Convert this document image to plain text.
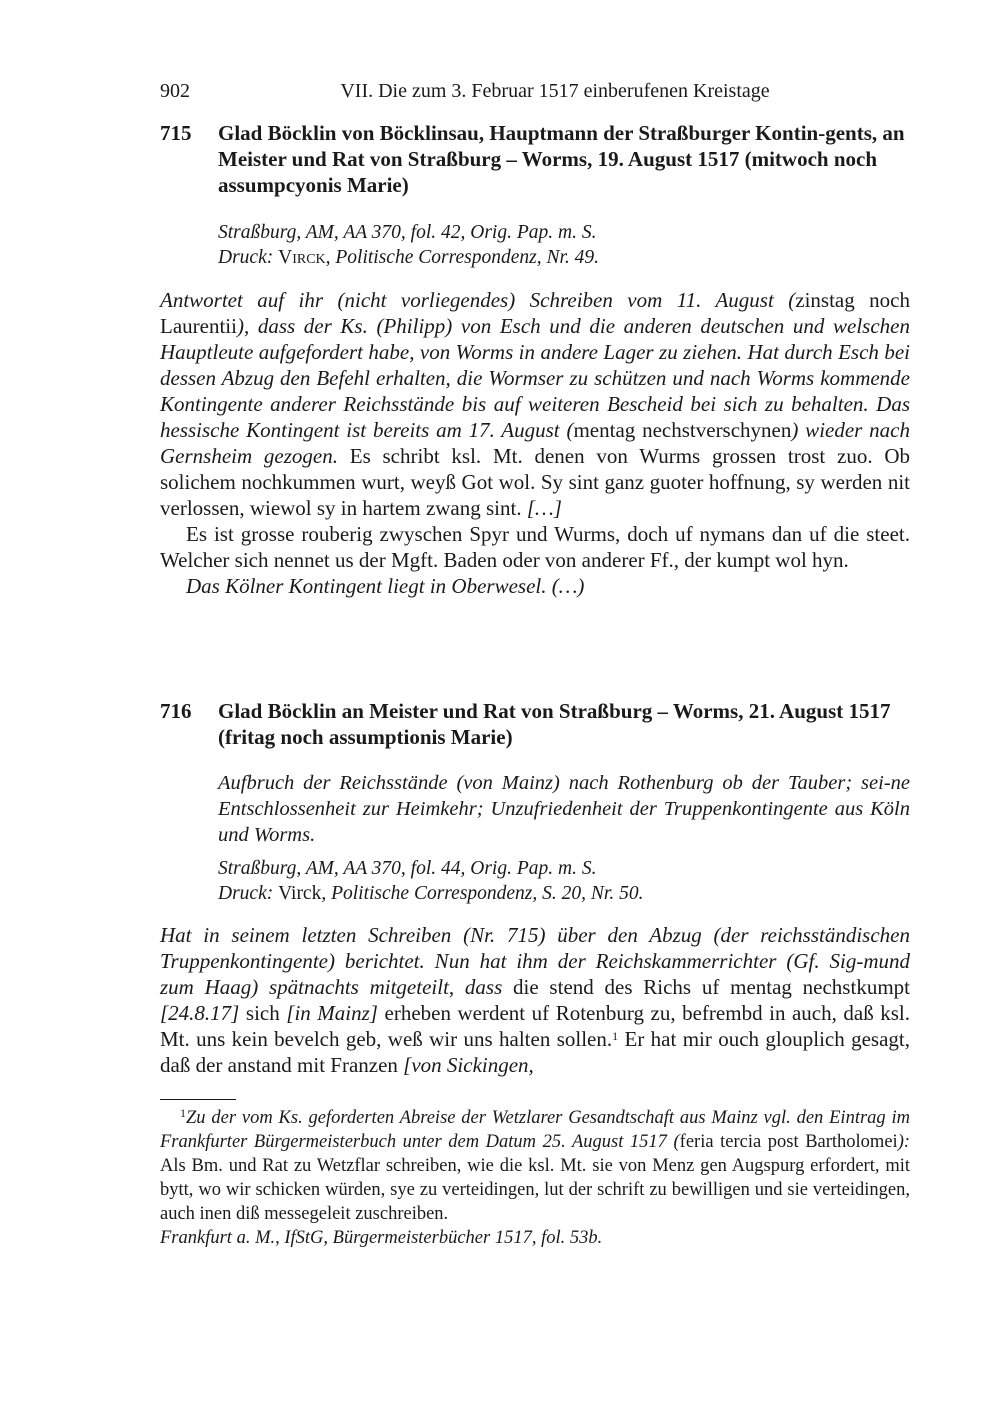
902	VII. Die zum 3. Februar 1517 einberufenen Kreistage
715 Glad Böcklin von Böcklinsau, Hauptmann der Straßburger Kontin-gents, an Meister und Rat von Straßburg – Worms, 19. August 1517 (mitwoch noch assumpcyonis Marie)
Straßburg, AM, AA 370, fol. 42, Orig. Pap. m. S.
Druck: Virck, Politische Correspondenz, Nr. 49.

Antwortet auf ihr (nicht vorliegendes) Schreiben vom 11. August (zinstag noch Laurentii), dass der Ks. (Philipp) von Esch und die anderen deutschen und welschen Hauptleute aufgefordert habe, von Worms in andere Lager zu ziehen. Hat durch Esch bei dessen Abzug den Befehl erhalten, die Wormser zu schützen und nach Worms kommende Kontingente anderer Reichsstände bis auf weiteren Bescheid bei sich zu behalten. Das hessische Kontingent ist bereits am 17. August (mentag nechstverschynen) wieder nach Gernsheim gezogen. Es schribt ksl. Mt. denen von Wurms grossen trost zuo. Ob solichem nochkummen wurt, weyß Got wol. Sy sint ganz guoter hoffnung, sy werden nit verlossen, wiewol sy in hartem zwang sint. […]

Es ist grosse rouberig zwyschen Spyr und Wurms, doch uf nymans dan uf die steet. Welcher sich nennet us der Mgft. Baden oder von anderer Ff., der kumpt wol hyn.

Das Kölner Kontingent liegt in Oberwesel. (…)

716 Glad Böcklin an Meister und Rat von Straßburg – Worms, 21. August 1517 (fritag noch assumptionis Marie)
Aufbruch der Reichsstände (von Mainz) nach Rothenburg ob der Tauber; sei-ne Entschlossenheit zur Heimkehr; Unzufriedenheit der Truppenkontingente aus Köln und Worms.
Straßburg, AM, AA 370, fol. 44, Orig. Pap. m. S.
Druck: Virck, Politische Correspondenz, S. 20, Nr. 50.

Hat in seinem letzten Schreiben (Nr. 715) über den Abzug (der reichsständischen Truppenkontingente) berichtet. Nun hat ihm der Reichskammerrichter (Gf. Sig-mund zum Haag) spätnachts mitgeteilt, dass die stend des Richs uf mentag nechstkumpt [24.8.17] sich [in Mainz] erheben werdent uf Rotenburg zu, befrembd in auch, daß ksl. Mt. uns kein bevelch geb, weß wir uns halten sollen.$^1$ Er hat mir ouch glouplich gesagt, daß der anstand mit Franzen [von Sickingen,

$^1$Zu der vom Ks. geforderten Abreise der Wetzlarer Gesandtschaft aus Mainz vgl. den Eintrag im Frankfurter Bürgermeisterbuch unter dem Datum 25. August 1517 (feria tercia post Bartholomei): Als Bm. und Rat zu Wetzflar schreiben, wie die ksl. Mt. sie von Menz gen Augspurg erfordert, mit bytt, wo wir schicken würden, sye zu verteidingen, lut der schrift zu bewilligen und sie verteidingen, auch inen diß messegeleit zuschreiben.
Frankfurt a. M., IfStG, Bürgermeisterbücher 1517, fol. 53b.
